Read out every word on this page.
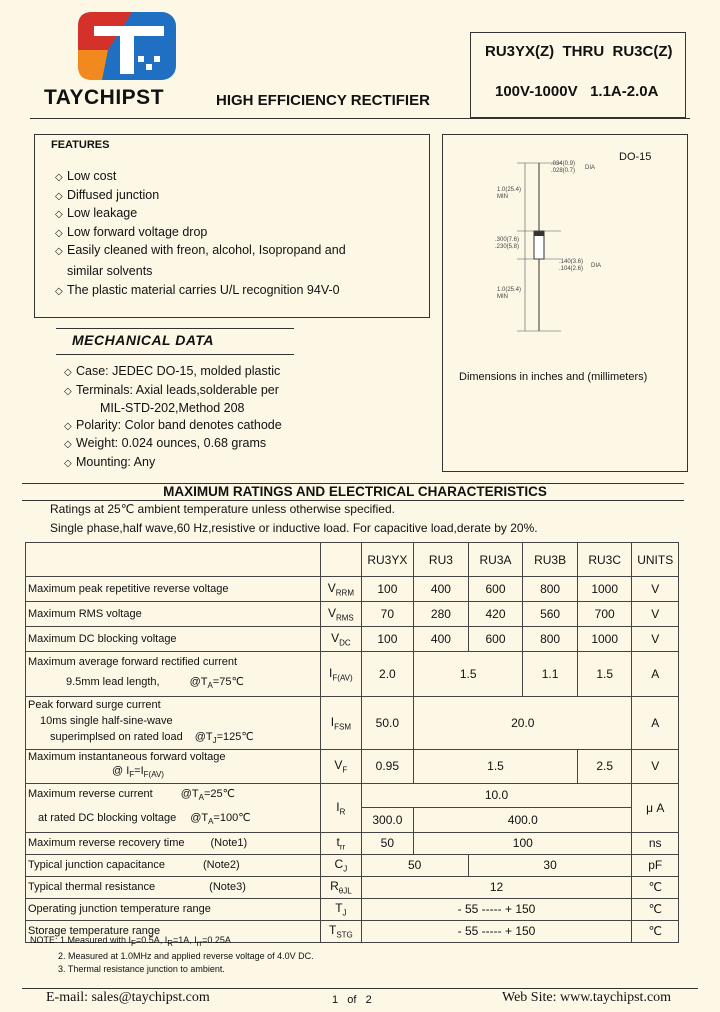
TAYCHIPST	HIGH EFFICIENCY RECTIFIER
RU3YX(Z)  THRU  RU3C(Z)
100V-1000V   1.1A-2.0A
FEATURES
◇ Low cost
◇ Diffused junction
◇ Low leakage
◇ Low forward voltage drop
◇ Easily cleaned with freon, alcohol, Isopropand and
similar solvents
◇ The plastic material carries U/L recognition 94V-0
DO-15
.034(0.9)
.028(0.7) DIA
1.0(25.4)
MIN
.300(7.6)
.230(5.8)
.140(3.6)
.104(2.6) DIA
1.0(25.4)
MIN
Dimensions in inches and (millimeters)
MECHANICAL DATA
◇ Case: JEDEC DO-15, molded plastic
◇ Terminals: Axial leads,solderable per
MIL-STD-202,Method 208
◇ Polarity: Color band denotes cathode
◇ Weight: 0.024 ounces, 0.68 grams
◇ Mounting: Any
MAXIMUM RATINGS AND ELECTRICAL CHARACTERISTICS
Ratings at 25℃ ambient temperature unless otherwise specified.
Single phase,half wave,60 Hz,resistive or inductive load. For capacitive load,derate by 20%.
		RU3YX	RU3	RU3A	RU3B	RU3C	UNITS
Maximum peak repetitive reverse voltage	$V_{RRM}$	100	400	600	800	1000	V
Maximum RMS voltage	$V_{RMS}$	70	280	420	560	700	V
Maximum DC blocking voltage	$V_{DC}$	100	400	600	800	1000	V

Maximum average forward rectified current
9.5mm lead length, $@T_A=75℃$	$I_{F(AV)}$	2.0	1.5		1.1	1.5	A

Peak forward surge current
10ms single half-sine-wave
superimplsed on rated load $@T_J=125℃$	$I_{FSM}$	50.0	20.0				A

Maximum instantaneous forward voltage
@ $I_F=I_{F(AV)}$	$V_F$	0.95	1.5			2.5	V

Maximum reverse current $@T_A=25℃$
at rated DC blocking voltage $@T_A=100℃$	$I_R$	10.0					μ A
		300.0	400.0				
Maximum reverse recovery time (Note1)	$t_{rr}$	50	100				ns
Typical junction capacitance (Note2)	$C_J$	50		30			pF
Typical thermal resistance (Note3)	$R_{\theta JL}$	12					℃
Operating junction temperature range	$T_J$	- 55 ----- + 150					℃
Storage temperature range	$T_{STG}$	- 55 ----- + 150					℃
NOTE: 1.Measured with $I_F=0.5A$, $I_R=1A$, $I_{rr}=0.25A$
2. Measured at 1.0MHz and applied reverse voltage of 4.0V DC.
3. Thermal resistance junction to ambient.
E-mail: sales@taychipst.com	1   of   2	Web Site: www.taychipst.com
